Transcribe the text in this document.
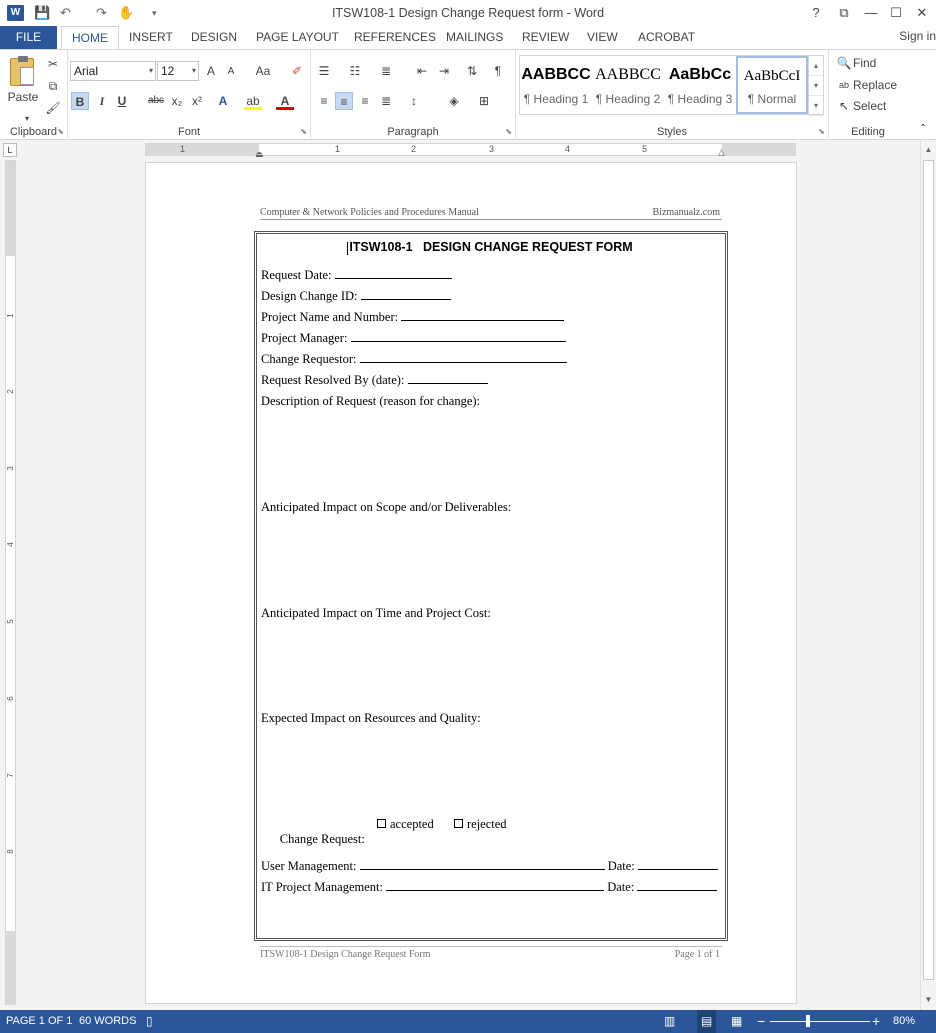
W 💾 ↶ ↷ ✋ ▾	ITSW108-1 Design Change Request form - Word	?	⧉	— ☐	✕
FILE	HOME	INSERT	DESIGN	PAGE LAYOUT	REFERENCES MAILINGS	REVIEW	VIEW	ACROBAT	Sign in
Paste
▾
✂
⧉
🖌
Clipboard ⬊
Arial	▾ 12 ▾ A	A	Aa	✐
B	I	U	abc x₂ x²	A	ab	A
Font	⬊
☰	☷	≣	⇤ ⇥	⇅	¶
≡	≡	≡	≣	↕	◈	⊞
Paragraph	⬊	Styles	⬊
AABBCC
¶ Heading 1
AABBCC
¶ Heading 2
AaBbCc
¶ Heading 3
AaBbCcI
¶ Normal
▴
▾
▾
🔍 Find
ab Replace
↖ Select
Editing	⌃
L	1	1	2	3	4	5
⏏	△
1
2
3
4
5
6
7
8
▲
▼
Computer & Network Policies and Procedures Manual	Bizmanualz.com
ITSW108-1   DESIGN CHANGE REQUEST FORM
Request Date:
Design Change ID:
Project Name and Number:
Project Manager:
Change Requestor:
Request Resolved By (date):
Description of Request (reason for change):
Anticipated Impact on Scope and/or Deliverables:
Anticipated Impact on Time and Project Cost:
Expected Impact on Resources and Quality:

Change Request:

accepted	rejected
User Management:	Date:
IT Project Management:	Date:
ITSW108-1 Design Change Request Form	Page 1 of 1
PAGE 1 OF 1 60 WORDS ▯	▥	▤	▦ −	+ 80%
